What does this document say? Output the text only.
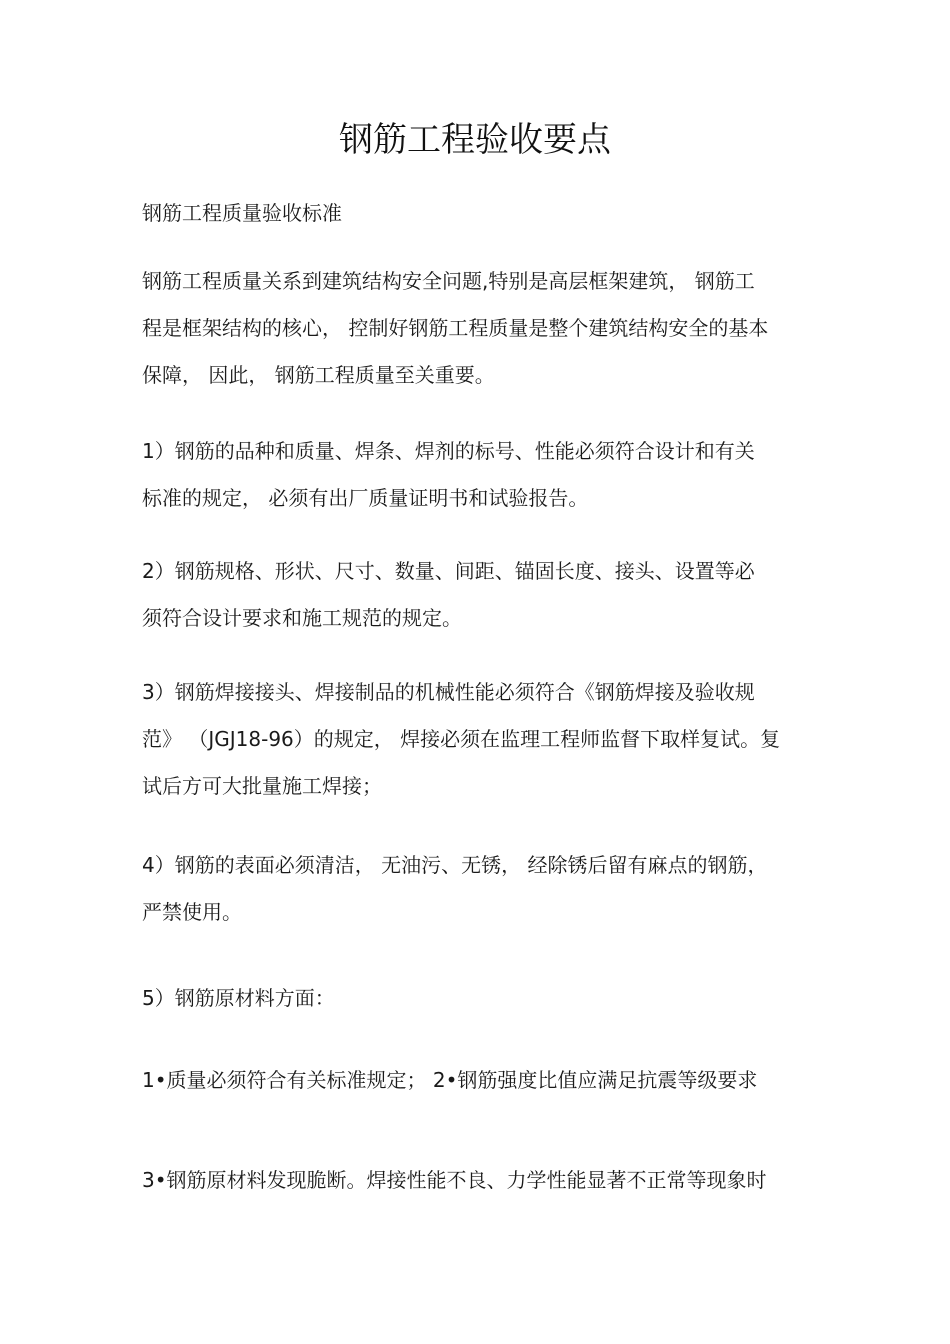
钢筋工程验收要点
钢筋工程质量验收标准
钢筋工程质量关系到建筑结构安全问题,特别是高层框架建筑， 钢筋工
程是框架结构的核心， 控制好钢筋工程质量是整个建筑结构安全的基本
保障， 因此， 钢筋工程质量至关重要。
1）钢筋的品种和质量、焊条、焊剂的标号、性能必须符合设计和有关
标准的规定， 必须有出厂质量证明书和试验报告。
2）钢筋规格、形状、尺寸、数量、间距、锚固长度、接头、设置等必
须符合设计要求和施工规范的规定。
3）钢筋焊接接头、焊接制品的机械性能必须符合《钢筋焊接及验收规
范》 （JGJ18-96）的规定， 焊接必须在监理工程师监督下取样复试。复
试后方可大批量施工焊接；
4）钢筋的表面必须清洁， 无油污、无锈， 经除锈后留有麻点的钢筋，
严禁使用。
5）钢筋原材料方面：
1•质量必须符合有关标准规定； 2•钢筋强度比值应满足抗震等级要求
3•钢筋原材料发现脆断。焊接性能不良、力学性能显著不正常等现象时
